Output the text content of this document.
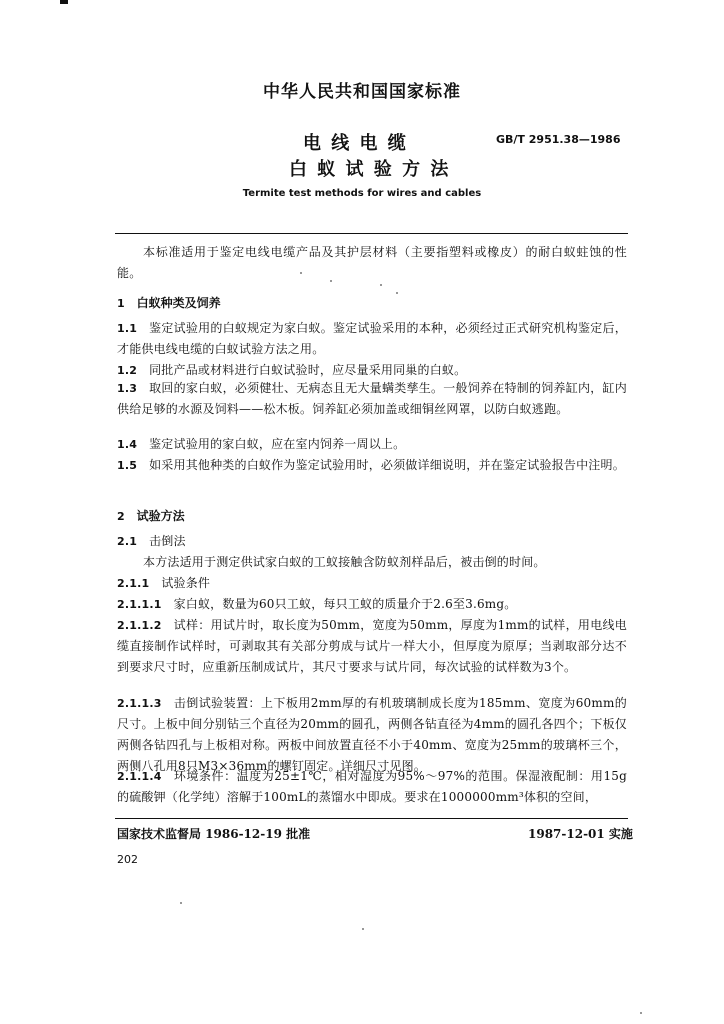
中华人民共和国国家标准
电 线 电 缆	GB/T 2951.38—1986
白 蚁 试 验 方 法
Termite test methods for wires and cables
本标准适用于鉴定电线电缆产品及其护层材料（主要指塑料或橡皮）的耐白蚁蛀蚀的性能。
1 白蚁种类及饲养
1.1 鉴定试验用的白蚁规定为家白蚁。鉴定试验采用的本种，必须经过正式研究机构鉴定后，才能供电线电缆的白蚁试验方法之用。
1.2 同批产品或材料进行白蚁试验时，应尽量采用同巢的白蚁。
1.3 取回的家白蚁，必须健壮、无病态且无大量螨类孳生。一般饲养在特制的饲养缸内，缸内供给足够的水源及饲料——松木板。饲养缸必须加盖或细铜丝网罩，以防白蚁逃跑。
1.4 鉴定试验用的家白蚁，应在室内饲养一周以上。
1.5 如采用其他种类的白蚁作为鉴定试验用时，必须做详细说明，并在鉴定试验报告中注明。
2 试验方法
2.1 击倒法
本方法适用于测定供试家白蚁的工蚁接触含防蚁剂样品后，被击倒的时间。
2.1.1 试验条件
2.1.1.1 家白蚁，数量为60只工蚁，每只工蚁的质量介于2.6至3.6mg。
2.1.1.2 试样：用试片时，取长度为50mm，宽度为50mm，厚度为1mm的试样，用电线电缆直接制作试样时，可剥取其有关部分剪成与试片一样大小，但厚度为原厚；当剥取部分达不到要求尺寸时，应重新压制成试片，其尺寸要求与试片同，每次试验的试样数为3个。
2.1.1.3 击倒试验装置：上下板用2mm厚的有机玻璃制成长度为185mm、宽度为60mm的尺寸。上板中间分别钻三个直径为20mm的圆孔，两侧各钻直径为4mm的圆孔各四个；下板仅两侧各钻四孔与上板相对称。两板中间放置直径不小于40mm、宽度为25mm的玻璃杯三个，两侧八孔用8只M3×36mm的螺钉固定。详细尺寸见图。
2.1.1.4 环境条件：温度为25±1℃，相对湿度为95%～97%的范围。保湿液配制：用15g的硫酸钾（化学纯）溶解于100mL的蒸馏水中即成。要求在1000000mm³体积的空间，
国家技术监督局 1986-12-19 批准	1987-12-01 实施
202
